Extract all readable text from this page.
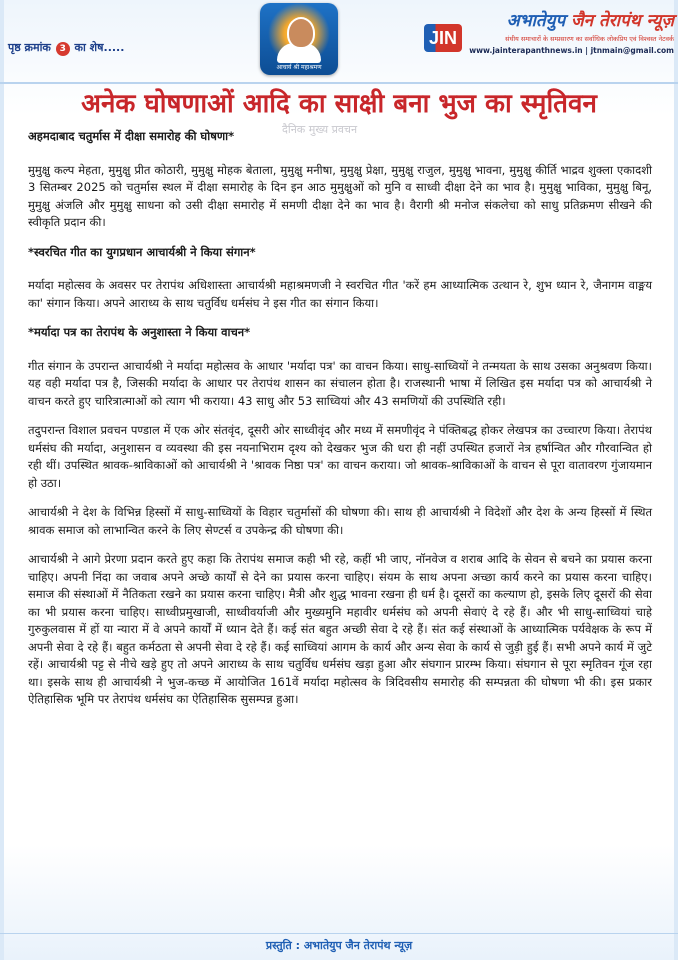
आचार्य श्री महाश्रमण
पृष्ठ क्रमांक 3 का शेष.....	JIN
अभातेयुप जैन तेरापंथ न्यूज़
संघीय समाचारों के सम्प्रसारण का सर्वाधिक लोकप्रिय एवं विश्वस्त नेटवर्क
www.jainterapanthnews.in | jtnmain@gmail.com
अनेक घोषणाओं आदि का साक्षी बना भुज का स्मृतिवन
दैनिक मुख्य प्रवचन

अहमदाबाद चतुर्मास में दीक्षा समारोह की घोषणा*

मुमुक्षु कल्प मेहता, मुमुक्षु प्रीत कोठारी, मुमुक्षु मोहक बेताला, मुमुक्षु मनीषा, मुमुक्षु प्रेक्षा, मुमुक्षु राजुल, मुमुक्षु भावना, मुमुक्षु कीर्ति भाद्रव शुक्ला एकादशी 3 सितम्बर 2025 को चतुर्मास स्थल में दीक्षा समारोह के दिन इन आठ मुमुक्षुओं को मुनि व साध्वी दीक्षा देने का भाव है। मुमुक्षु भाविका, मुमुक्षु बिनू, मुमुक्षु अंजलि और मुमुक्षु साधना को उसी दीक्षा समारोह में समणी दीक्षा देने का भाव है। वैरागी श्री मनोज संकलेचा को साधु प्रतिक्रमण सीखने की स्वीकृति प्रदान की।

*स्वरचित गीत का युगप्रधान आचार्यश्री ने किया संगान*

मर्यादा महोत्सव के अवसर पर तेरापंथ अधिशास्ता आचार्यश्री महाश्रमणजी ने स्वरचित गीत 'करें हम आध्यात्मिक उत्थान रे, शुभ ध्यान रे, जैनागम वाङ्मय का' संगान किया। अपने आराध्य के साथ चतुर्विध धर्मसंघ ने इस गीत का संगान किया।

*मर्यादा पत्र का तेरापंथ के अनुशास्ता ने किया वाचन*

गीत संगान के उपरान्त आचार्यश्री ने मर्यादा महोत्सव के आधार 'मर्यादा पत्र' का वाचन किया। साधु-साध्वियों ने तन्मयता के साथ उसका अनुश्रवण किया। यह वही मर्यादा पत्र है, जिसकी मर्यादा के आधार पर तेरापंथ शासन का संचालन होता है। राजस्थानी भाषा में लिखित इस मर्यादा पत्र को आचार्यश्री ने वाचन करते हुए चारित्रात्माओं को त्याग भी कराया। 43 साधु और 53 साध्वियां और 43 समणियों की उपस्थिति रही।

तदुपरान्त विशाल प्रवचन पण्डाल में एक ओर संतवृंद, दूसरी ओर साध्वीवृंद और मध्य में समणीवृंद ने पंक्तिबद्ध होकर लेखपत्र का उच्चारण किया। तेरापंथ धर्मसंघ की मर्यादा, अनुशासन व व्यवस्था की इस नयनाभिराम दृश्य को देखकर भुज की धरा ही नहीं उपस्थित हजारों नेत्र हर्षान्वित और गौरवान्वित हो रही थीं। उपस्थित श्रावक-श्राविकाओं को आचार्यश्री ने 'श्रावक निष्ठा पत्र' का वाचन कराया। जो श्रावक-श्राविकाओं के वाचन से पूरा वातावरण गुंजायमान हो उठा।

आचार्यश्री ने देश के विभिन्न हिस्सों में साधु-साध्वियों के विहार चतुर्मासों की घोषणा की। साथ ही आचार्यश्री ने विदेशों और देश के अन्य हिस्सों में स्थित श्रावक समाज को लाभान्वित करने के लिए सेण्टर्स व उपकेन्द्र की घोषणा की।

आचार्यश्री ने आगे प्रेरणा प्रदान करते हुए कहा कि तेरापंथ समाज कही भी रहे, कहीं भी जाए, नॉनवेज व शराब आदि के सेवन से बचने का प्रयास करना चाहिए। अपनी निंदा का जवाब अपने अच्छे कार्यों से देने का प्रयास करना चाहिए। संयम के साथ अपना अच्छा कार्य करने का प्रयास करना चाहिए। समाज की संस्थाओं में नैतिकता रखने का प्रयास करना चाहिए। मैत्री और शुद्ध भावना रखना ही धर्म है। दूसरों का कल्याण हो, इसके लिए दूसरों की सेवा का भी प्रयास करना चाहिए। साध्वीप्रमुखाजी, साध्वीवर्याजी और मुख्यमुनि महावीर धर्मसंघ को अपनी सेवाएं दे रहे हैं। और भी साधु-साध्वियां चाहे गुरुकुलवास में हों या न्यारा में वे अपने कार्यों में ध्यान देते हैं। कई संत बहुत अच्छी सेवा दे रहे हैं। संत कई संस्थाओं के आध्यात्मिक पर्यवेक्षक के रूप में अपनी सेवा दे रहे हैं। बहुत कर्मठता से अपनी सेवा दे रहे हैं। कई साध्वियां आगम के कार्य और अन्य सेवा के कार्य से जुड़ी हुई हैं। सभी अपने कार्य में जुटे रहें। आचार्यश्री पट्ट से नीचे खड़े हुए तो अपने आराध्य के साथ चतुर्विध धर्मसंघ खड़ा हुआ और संघगान प्रारम्भ किया। संघगान से पूरा स्मृतिवन गूंज रहा था। इसके साथ ही आचार्यश्री ने भुज-कच्छ में आयोजित 161वें मर्यादा महोत्सव के त्रिदिवसीय समारोह की सम्पन्नता की घोषणा भी की। इस प्रकार ऐतिहासिक भूमि पर तेरापंथ धर्मसंघ का ऐतिहासिक सुसम्पन्न हुआ।

प्रस्तुति : अभातेयुप जैन तेरापंथ न्यूज़
